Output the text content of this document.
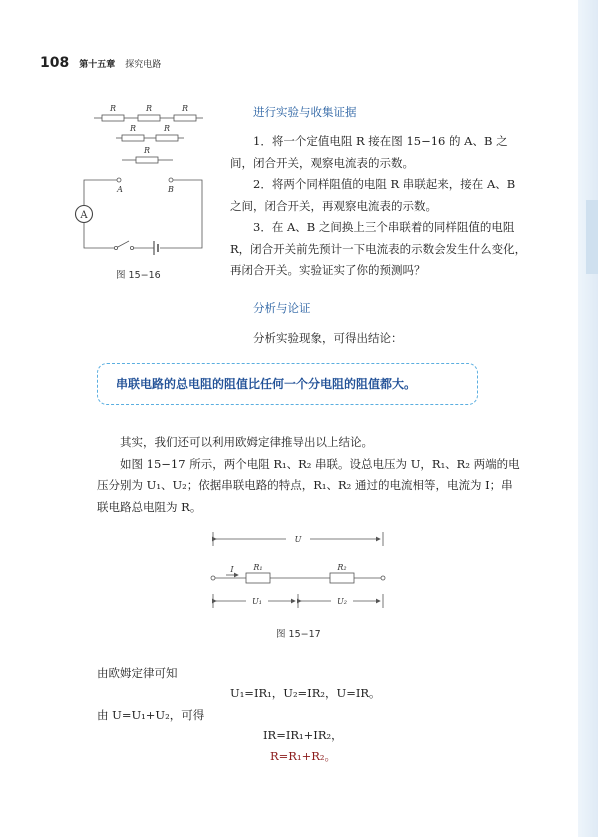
108 第十五章 探究电路
A
R	R	R
R	R
R
A	B
图 15−16
进行实验与收集证据
1．将一个定值电阻 R 接在图 15−16 的 A、B 之间，闭合开关，观察电流表的示数。
2．将两个同样阻值的电阻 R 串联起来，接在 A、B 之间，闭合开关，再观察电流表的示数。
3．在 A、B 之间换上三个串联着的同样阻值的电阻 R，闭合开关前先预计一下电流表的示数会发生什么变化，再闭合开关。实验证实了你的预测吗？
分析与论证
分析实验现象，可得出结论：
串联电路的总电阻的阻值比任何一个分电阻的阻值都大。
其实，我们还可以利用欧姆定律推导出以上结论。
如图 15−17 所示，两个电阻 R₁、R₂ 串联。设总电压为 U，R₁、R₂ 两端的电压分别为 U₁、U₂；依据串联电路的特点，R₁、R₂ 通过的电流相等，电流为 I；串联电路总电阻为 R。
U
I R₁	R₂
U₁	U₂
图 15−17
由欧姆定律可知
U₁=IR₁，U₂=IR₂，U=IR。
由 U=U₁+U₂，可得
IR=IR₁+IR₂，
R=R₁+R₂。
